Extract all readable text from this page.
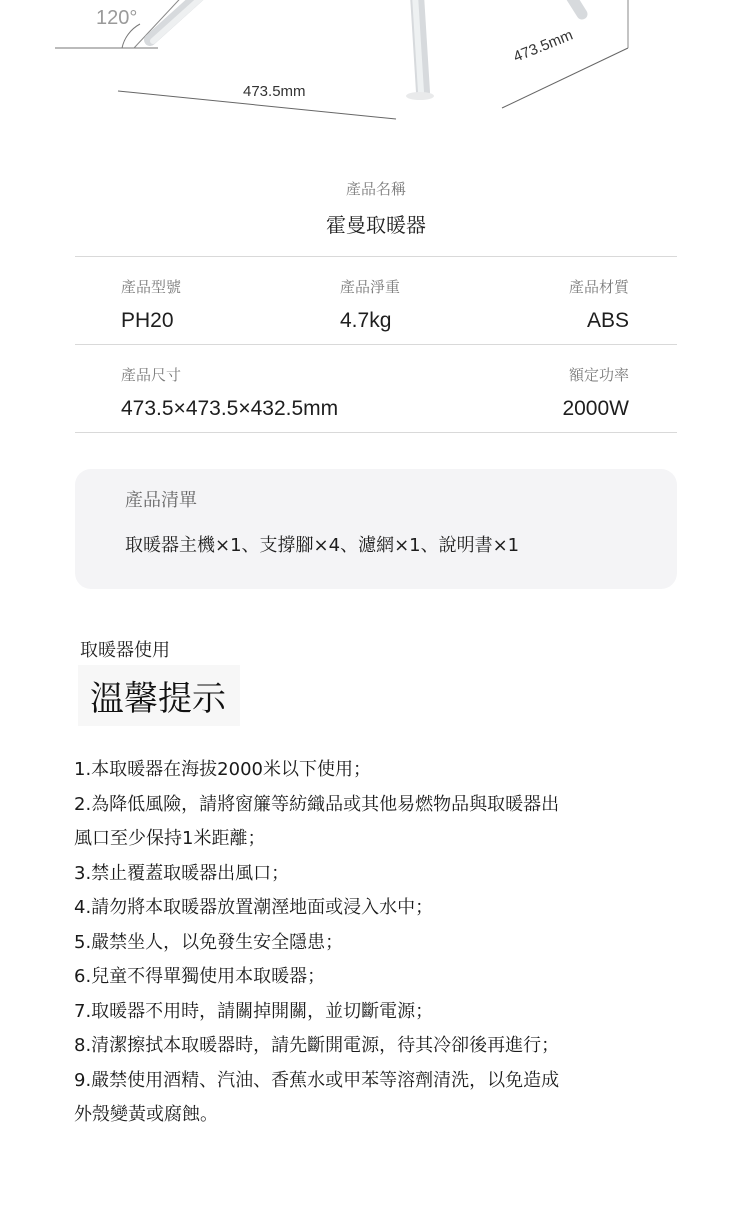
120°
473.5mm
473.5mm
產品名稱
霍曼取暖器
產品型號
PH20
產品淨重
4.7kg
產品材質
ABS
產品尺寸
473.5×473.5×432.5mm
額定功率
2000W
產品清單
取暖器主機×1、支撐腳×4、濾網×1、說明書×1
取暖器使用
溫馨提示
1.本取暖器在海拔2000米以下使用；
2.為降低風險，請將窗簾等紡織品或其他易燃物品與取暖器出
風口至少保持1米距離；
3.禁止覆蓋取暖器出風口；
4.請勿將本取暖器放置潮溼地面或浸入水中；
5.嚴禁坐人，以免發生安全隱患；
6.兒童不得單獨使用本取暖器；
7.取暖器不用時，請關掉開關，並切斷電源；
8.清潔擦拭本取暖器時，請先斷開電源，待其冷卻後再進行；
9.嚴禁使用酒精、汽油、香蕉水或甲苯等溶劑清洗，以免造成
外殼變黃或腐蝕。
